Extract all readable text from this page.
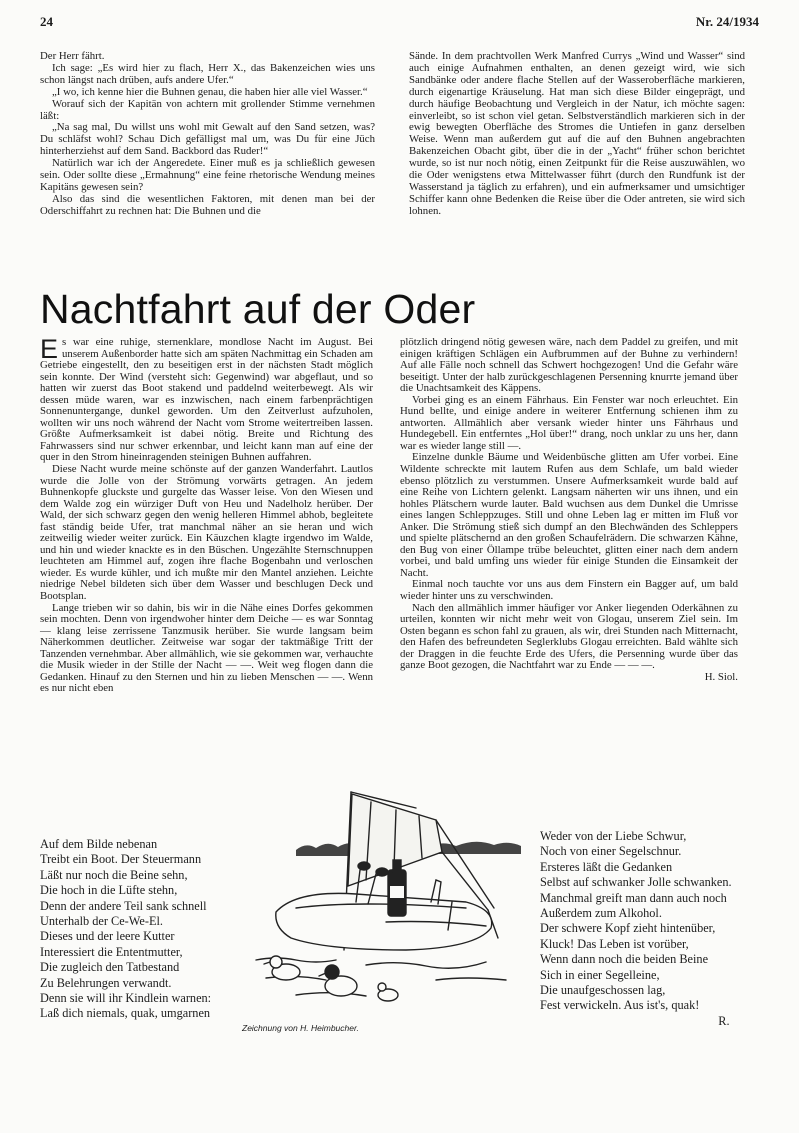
24	Nr. 24/1934

Der Herr fährt.

Ich sage: „Es wird hier zu flach, Herr X., das Bakenzeichen wies uns schon längst nach drüben, aufs andere Ufer.“

„I wo, ich kenne hier die Buhnen genau, die haben hier alle viel Wasser.“

Worauf sich der Kapitän von achtern mit grollender Stimme vernehmen läßt:

„Na sag mal, Du willst uns wohl mit Gewalt auf den Sand setzen, was? Du schläfst wohl? Schau Dich gefälligst mal um, was Du für eine Jüch hinterherziehst auf dem Sand. Backbord das Ruder!“

Natürlich war ich der Angeredete. Einer muß es ja schließlich gewesen sein. Oder sollte diese „Ermahnung“ eine feine rhetorische Wendung meines Kapitäns gewesen sein?

Also das sind die wesentlichen Faktoren, mit denen man bei der Oderschiffahrt zu rechnen hat: Die Buhnen und die

Sände. In dem prachtvollen Werk Manfred Currys „Wind und Wasser“ sind auch einige Aufnahmen enthalten, an denen gezeigt wird, wie sich Sandbänke oder andere flache Stellen auf der Wasseroberfläche markieren, durch eigenartige Kräuselung. Hat man sich diese Bilder eingeprägt, und durch häufige Beobachtung und Vergleich in der Natur, ich möchte sagen: einverleibt, so ist schon viel getan. Selbstverständlich markieren sich in der ewig bewegten Oberfläche des Stromes die Untiefen in ganz derselben Weise. Wenn man außerdem gut auf die auf den Buhnen angebrachten Bakenzeichen Obacht gibt, über die in der „Yacht“ früher schon berichtet wurde, so ist nur noch nötig, einen Zeitpunkt für die Reise auszuwählen, wo die Oder wenigstens etwa Mittelwasser führt (durch den Rundfunk ist der Wasserstand ja täglich zu erfahren), und ein aufmerksamer und umsichtiger Schiffer kann ohne Bedenken die Reise über die Oder antreten, sie wird sich lohnen.

Nachtfahrt auf der Oder

Es war eine ruhige, sternenklare, mondlose Nacht im August. Bei unserem Außenborder hatte sich am späten Nachmittag ein Schaden am Getriebe eingestellt, den zu beseitigen erst in der nächsten Stadt möglich sein konnte. Der Wind (versteht sich: Gegenwind) war abgeflaut, und so hatten wir zuerst das Boot stakend und paddelnd weiterbewegt. Als wir dessen müde waren, war es inzwischen, nach einem farbenprächtigen Sonnenuntergange, dunkel geworden. Um den Zeitverlust aufzuholen, wollten wir uns noch während der Nacht vom Strome weitertreiben lassen. Größte Aufmerksamkeit ist dabei nötig. Breite und Richtung des Fahrwassers sind nur schwer erkennbar, und leicht kann man auf eine der quer in den Strom hineinragenden steinigen Buhnen auffahren.

Diese Nacht wurde meine schönste auf der ganzen Wanderfahrt. Lautlos wurde die Jolle von der Strömung vorwärts getragen. An jedem Buhnenkopfe gluckste und gurgelte das Wasser leise. Von den Wiesen und dem Walde zog ein würziger Duft von Heu und Nadelholz herüber. Der Wald, der sich schwarz gegen den wenig helleren Himmel abhob, begleitete fast ständig beide Ufer, trat manchmal näher an sie heran und wich zeitweilig wieder weiter zurück. Ein Käuzchen klagte irgendwo im Walde, und hin und wieder knackte es in den Büschen. Ungezählte Sternschnuppen leuchteten am Himmel auf, zogen ihre flache Bogenbahn und verloschen wieder. Es wurde kühler, und ich mußte mir den Mantel anziehen. Leichte niedrige Nebel bildeten sich über dem Wasser und beschlugen Deck und Bootsplan.

Lange trieben wir so dahin, bis wir in die Nähe eines Dorfes gekommen sein mochten. Denn von irgendwoher hinter dem Deiche — es war Sonntag — klang leise zerrissene Tanzmusik herüber. Sie wurde langsam beim Näherkommen deutlicher. Zeitweise war sogar der taktmäßige Tritt der Tanzenden vernehmbar. Aber allmählich, wie sie gekommen war, verhauchte die Musik wieder in der Stille der Nacht — —. Weit weg flogen dann die Gedanken. Hinauf zu den Sternen und hin zu lieben Menschen — —. Wenn es nur nicht eben

plötzlich dringend nötig gewesen wäre, nach dem Paddel zu greifen, und mit einigen kräftigen Schlägen ein Aufbrummen auf der Buhne zu verhindern! Auf alle Fälle noch schnell das Schwert hochgezogen! Und die Gefahr wäre beseitigt. Unter der halb zurückgeschlagenen Persenning knurrte jemand über die Unachtsamkeit des Käppens.

Vorbei ging es an einem Fährhaus. Ein Fenster war noch erleuchtet. Ein Hund bellte, und einige andere in weiterer Entfernung schienen ihm zu antworten. Allmählich aber versank wieder hinter uns Fährhaus und Hundegebell. Ein entferntes „Hol über!“ drang, noch unklar zu uns her, dann war es wieder lange still —.

Einzelne dunkle Bäume und Weidenbüsche glitten am Ufer vorbei. Eine Wildente schreckte mit lautem Rufen aus dem Schlafe, um bald wieder ebenso plötzlich zu verstummen. Unsere Aufmerksamkeit wurde bald auf eine Reihe von Lichtern gelenkt. Langsam näherten wir uns ihnen, und ein hohles Plätschern wurde lauter. Bald wuchsen aus dem Dunkel die Umrisse eines langen Schleppzuges. Still und ohne Leben lag er mitten im Fluß vor Anker. Die Strömung stieß sich dumpf an den Blechwänden des Schleppers und spielte plätschernd an den großen Schaufelrädern. Die schwarzen Kähne, den Bug von einer Öllampe trübe beleuchtet, glitten einer nach dem andern vorbei, und bald umfing uns wieder für einige Stunden die Einsamkeit der Nacht.

Einmal noch tauchte vor uns aus dem Finstern ein Bagger auf, um bald wieder hinter uns zu verschwinden.

Nach den allmählich immer häufiger vor Anker liegenden Oderkähnen zu urteilen, konnten wir nicht mehr weit von Glogau, unserem Ziel sein. Im Osten begann es schon fahl zu grauen, als wir, drei Stunden nach Mitternacht, den Hafen des befreundeten Seglerklubs Glogau erreichten. Bald wählte sich der Draggen in die feuchte Erde des Ufers, die Persenning wurde über das ganze Boot gezogen, die Nachtfahrt war zu Ende — — —.

H. Siol.
Auf dem Bilde nebenan
Treibt ein Boot. Der Steuermann
Läßt nur noch die Beine sehn,
Die hoch in die Lüfte stehn,
Denn der andere Teil sank schnell
Unterhalb der Ce-We-El.
Dieses und der leere Kutter
Interessiert die Ententmutter,
Die zugleich den Tatbestand
Zu Belehrungen verwandt.
Denn sie will ihr Kindlein warnen:
Laß dich niemals, quak, umgarnen
Zeichnung von H. Heimbucher.
Weder von der Liebe Schwur,
Noch von einer Segelschnur.
Ersteres läßt die Gedanken
Selbst auf schwanker Jolle schwanken.
Manchmal greift man dann auch noch
Außerdem zum Alkohol.
Der schwere Kopf zieht hintenüber,
Kluck! Das Leben ist vorüber,
Wenn dann noch die beiden Beine
Sich in einer Segelleine,
Die unaufgeschossen lag,
Fest verwickeln. Aus ist's, quak!
R.
